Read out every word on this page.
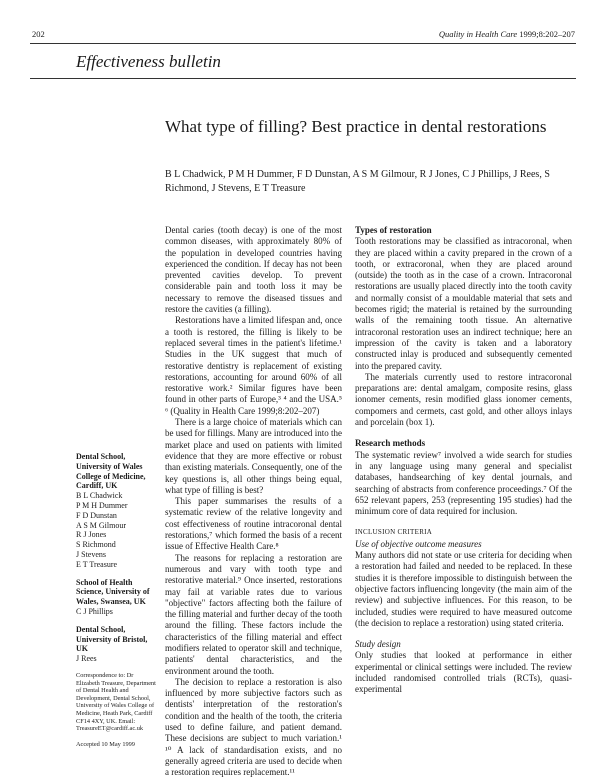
202	Quality in Health Care 1999;8:202–207
Effectiveness bulletin
What type of filling? Best practice in dental restorations
B L Chadwick, P M H Dummer, F D Dunstan, A S M Gilmour, R J Jones, C J Phillips, J Rees, S Richmond, J Stevens, E T Treasure
Dental School, University of Wales College of Medicine, Cardiff, UK
B L Chadwick
P M H Dummer
F D Dunstan
A S M Gilmour
R J Jones
S Richmond
J Stevens
E T Treasure
School of Health Science, University of Wales, Swansea, UK
C J Phillips
Dental School, University of Bristol, UK
J Rees
Correspondence to: Dr Elizabeth Treasure, Department of Dental Health and Development, Dental School, University of Wales College of Medicine, Heath Park, Cardiff CF14 4XY, UK. Email: TreasureET@cardiff.ac.uk
Accepted 10 May 1999

Dental caries (tooth decay) is one of the most common diseases, with approximately 80% of the population in developed countries having experienced the condition. If decay has not been prevented cavities develop. To prevent considerable pain and tooth loss it may be necessary to remove the diseased tissues and restore the cavities (a filling).

Restorations have a limited lifespan and, once a tooth is restored, the filling is likely to be replaced several times in the patient's lifetime.¹ Studies in the UK suggest that much of restorative dentistry is replacement of existing restorations, accounting for around 60% of all restorative work.² Similar figures have been found in other parts of Europe,³ ⁴ and the USA.⁵ ⁶ (Quality in Health Care 1999;8:202–207)

There is a large choice of materials which can be used for fillings. Many are introduced into the market place and used on patients with limited evidence that they are more effective or robust than existing materials. Consequently, one of the key questions is, all other things being equal, what type of filling is best?

This paper summarises the results of a systematic review of the relative longevity and cost effectiveness of routine intracoronal dental restorations,⁷ which formed the basis of a recent issue of Effective Health Care.⁸

The reasons for replacing a restoration are numerous and vary with tooth type and restorative material.⁹ Once inserted, restorations may fail at variable rates due to various "objective" factors affecting both the failure of the filling material and further decay of the tooth around the filling. These factors include the characteristics of the filling material and effect modifiers related to operator skill and technique, patients' dental characteristics, and the environment around the tooth.

The decision to replace a restoration is also influenced by more subjective factors such as dentists' interpretation of the restoration's condition and the health of the tooth, the criteria used to define failure, and patient demand. These decisions are subject to much variation.¹ ¹⁰ A lack of standardisation exists, and no generally agreed criteria are used to decide when a restoration requires replacement.¹¹

Types of restoration

Tooth restorations may be classified as intracoronal, when they are placed within a cavity prepared in the crown of a tooth, or extracoronal, when they are placed around (outside) the tooth as in the case of a crown. Intracoronal restorations are usually placed directly into the tooth cavity and normally consist of a mouldable material that sets and becomes rigid; the material is retained by the surrounding walls of the remaining tooth tissue. An alternative intracoronal restoration uses an indirect technique; here an impression of the cavity is taken and a laboratory constructed inlay is produced and subsequently cemented into the prepared cavity.

The materials currently used to restore intracoronal preparations are: dental amalgam, composite resins, glass ionomer cements, resin modified glass ionomer cements, compomers and cermets, cast gold, and other alloys inlays and porcelain (box 1).

Research methods

The systematic review⁷ involved a wide search for studies in any language using many general and specialist databases, handsearching of key dental journals, and searching of abstracts from conference proceedings.⁷ Of the 652 relevant papers, 253 (representing 195 studies) had the minimum core of data required for inclusion.

INCLUSION CRITERIA
Use of objective outcome measures

Many authors did not state or use criteria for deciding when a restoration had failed and needed to be replaced. In these studies it is therefore impossible to distinguish between the objective factors influencing longevity (the main aim of the review) and subjective influences. For this reason, to be included, studies were required to have measured outcome (the decision to replace a restoration) using stated criteria.

Study design

Only studies that looked at performance in either experimental or clinical settings were included. The review included randomised controlled trials (RCTs), quasi-experimental
